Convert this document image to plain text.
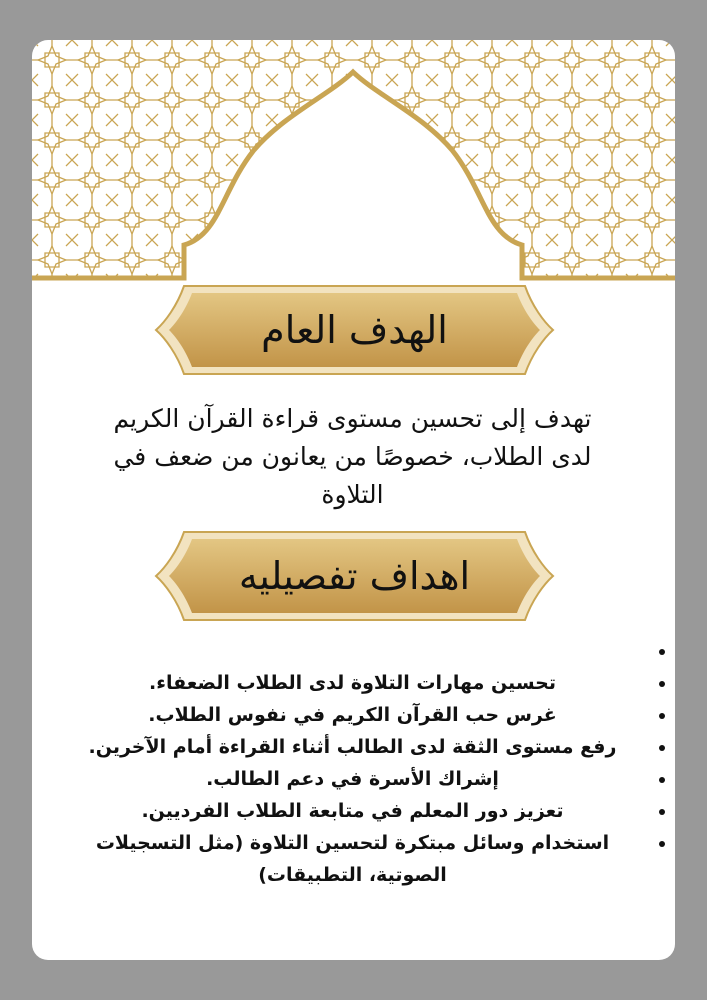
الهدف العام
تهدف إلى تحسين مستوى قراءة القرآن الكريم لدى الطلاب، خصوصًا من يعانون من ضعف في التلاوة
اهداف تفصيليه
•
• تحسين مهارات التلاوة لدى الطلاب الضعفاء.
• غرس حب القرآن الكريم في نفوس الطلاب.
• رفع مستوى الثقة لدى الطالب أثناء القراءة أمام الآخرين.
• إشراك الأسرة في دعم الطالب.
• تعزيز دور المعلم في متابعة الطلاب الفرديين.
• استخدام وسائل مبتكرة لتحسين التلاوة (مثل التسجيلات الصوتية، التطبيقات)
